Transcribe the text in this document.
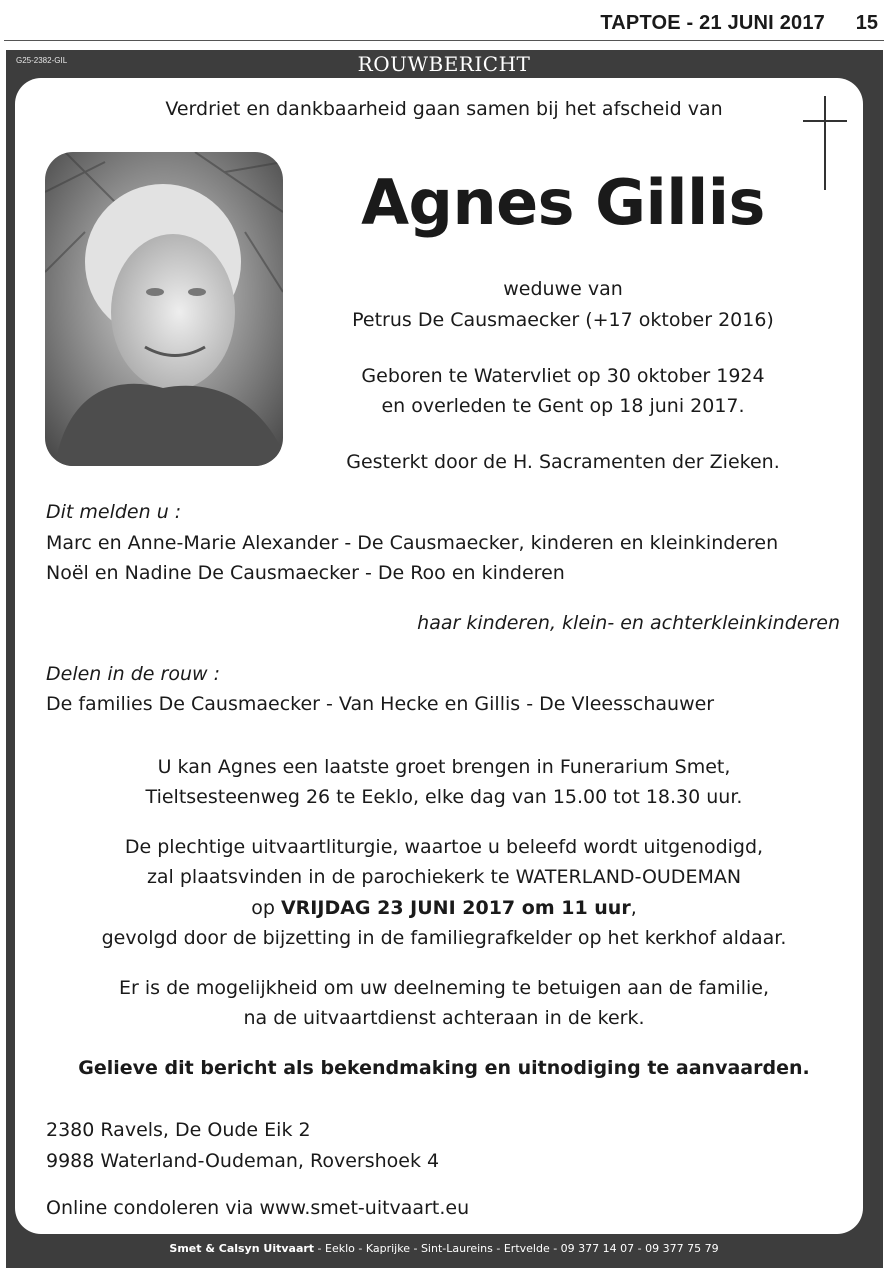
TAPTOE - 21 JUNI 2017 15
G25-2382-GIL	ROUWBERICHT
Verdriet en dankbaarheid gaan samen bij het afscheid van
Agnes Gillis
weduwe van
Petrus De Causmaecker (+17 oktober 2016)
Geboren te Watervliet op 30 oktober 1924
en overleden te Gent op 18 juni 2017.
Gesterkt door de H. Sacramenten der Zieken.
Dit melden u :
Marc en Anne-Marie Alexander - De Causmaecker, kinderen en kleinkinderen
Noël en Nadine De Causmaecker - De Roo en kinderen
haar kinderen, klein- en achterkleinkinderen
Delen in de rouw :
De families De Causmaecker - Van Hecke en Gillis - De Vleesschauwer
U kan Agnes een laatste groet brengen in Funerarium Smet,
Tieltsesteenweg 26 te Eeklo, elke dag van 15.00 tot 18.30 uur.
De plechtige uitvaartliturgie, waartoe u beleefd wordt uitgenodigd,
zal plaatsvinden in de parochiekerk te WATERLAND-OUDEMAN
op VRIJDAG 23 JUNI 2017 om 11 uur,
gevolgd door de bijzetting in de familiegrafkelder op het kerkhof aldaar.
Er is de mogelijkheid om uw deelneming te betuigen aan de familie,
na de uitvaartdienst achteraan in de kerk.
Gelieve dit bericht als bekendmaking en uitnodiging te aanvaarden.
2380 Ravels, De Oude Eik 2
9988 Waterland-Oudeman, Rovershoek 4
Online condoleren via www.smet-uitvaart.eu
Smet & Calsyn Uitvaart - Eeklo - Kaprijke - Sint-Laureins - Ertvelde - 09 377 14 07 - 09 377 75 79
